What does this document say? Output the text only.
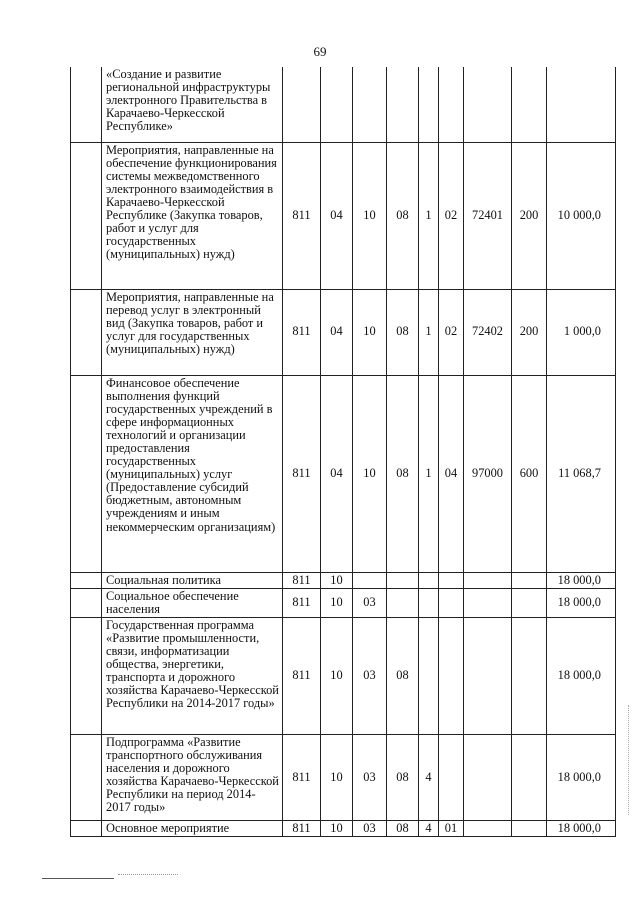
69
	«Создание и развитие региональной инфраструктуры электронного Правительства в Карачаево-Черкесской Республике»									
	Мероприятия, направленные на обеспечение функционирования системы межведомственного электронного взаимодействия в Карачаево-Черкесской Республике (Закупка товаров, работ и услуг для государственных (муниципальных) нужд)	811	04	10	08	1	02	72401	200	10 000,0
	Мероприятия, направленные на перевод услуг в электронный вид (Закупка товаров, работ и услуг для государственных (муниципальных) нужд)	811	04	10	08	1	02	72402	200	1 000,0
	Финансовое обеспечение выполнения функций государственных учреждений в сфере информационных технологий и организации предоставления государственных (муниципальных) услуг (Предоставление субсидий бюджетным, автономным учреждениям и иным некоммерческим организациям)	811	04	10	08	1	04	97000	600	11 068,7
	Социальная политика	811	10							18 000,0
	Социальное обеспечение населения	811	10	03						18 000,0
	Государственная программа «Развитие промышленности, связи, информатизации общества, энергетики, транспорта и дорожного хозяйства Карачаево-Черкесской Республики на 2014-2017 годы»	811	10	03	08					18 000,0
	Подпрограмма «Развитие транспортного обслуживания населения и дорожного хозяйства Карачаево-Черкесской Республики на период 2014-2017 годы»	811	10	03	08	4				18 000,0
	Основное мероприятие	811	10	03	08	4	01			18 000,0
